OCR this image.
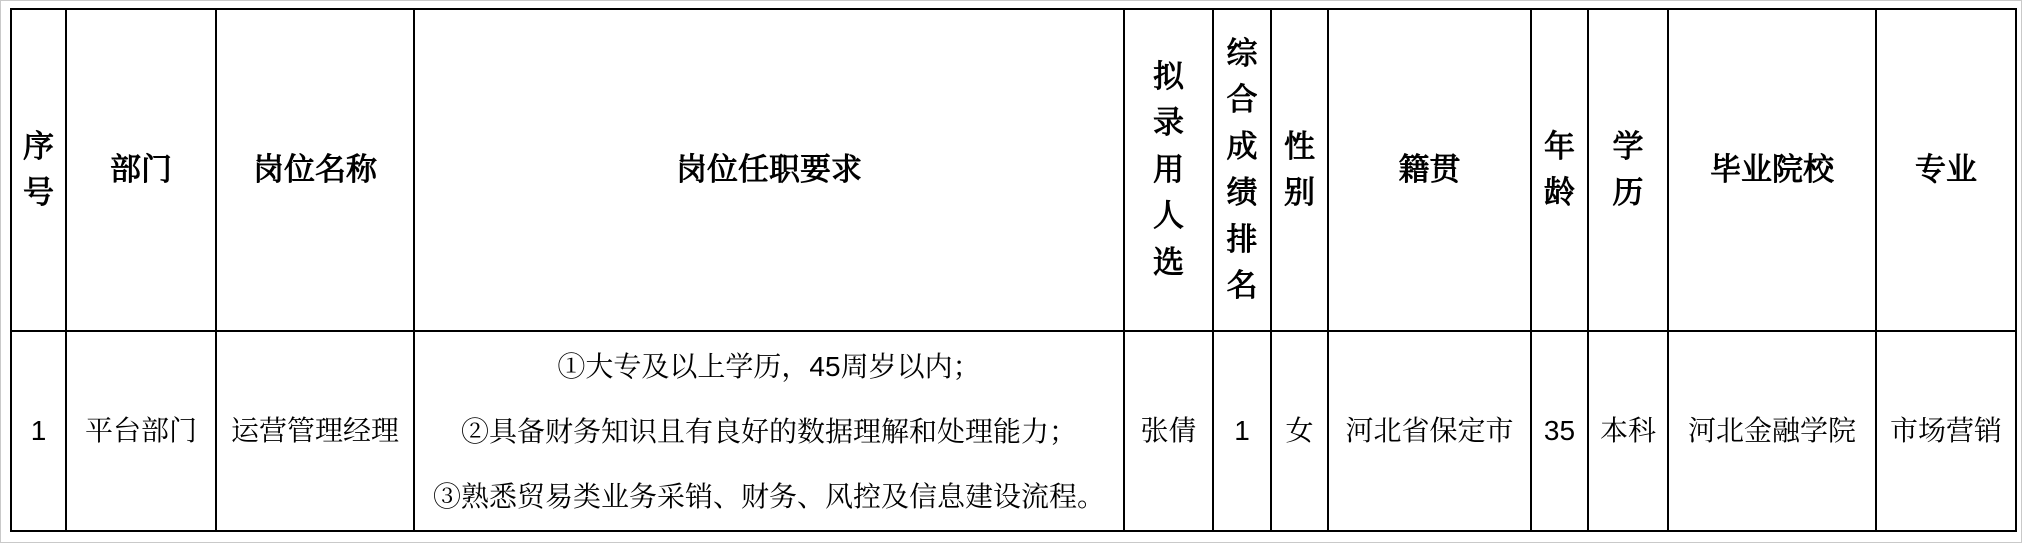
序号	部门	岗位名称	岗位任职要求	拟录用人选	综合成绩排名	性别	籍贯	年龄	学历	毕业院校	专业
1	平台部门	运营管理经理	①大专及以上学历，45周岁以内；
②具备财务知识且有良好的数据理解和处理能力；
③熟悉贸易类业务采销、财务、风控及信息建设流程。	张倩	1	女	河北省保定市	35	本科	河北金融学院	市场营销
